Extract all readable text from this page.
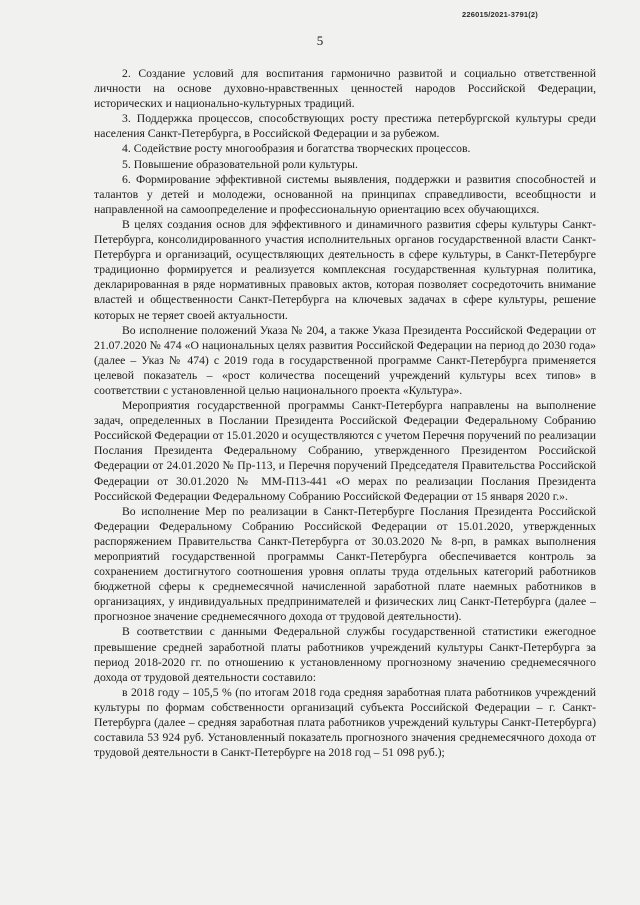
226015/2021-3791(2)
5

2. Создание условий для воспитания гармонично развитой и социально ответственной личности на основе духовно-нравственных ценностей народов Российской Федерации, исторических и национально-культурных традиций.

3. Поддержка процессов, способствующих росту престижа петербургской культуры среди населения Санкт-Петербурга, в Российской Федерации и за рубежом.

4. Содействие росту многообразия и богатства творческих процессов.

5. Повышение образовательной роли культуры.

6. Формирование эффективной системы выявления, поддержки и развития способностей и талантов у детей и молодежи, основанной на принципах справедливости, всеобщности и направленной на самоопределение и профессиональную ориентацию всех обучающихся.

В целях создания основ для эффективного и динамичного развития сферы культуры Санкт-Петербурга, консолидированного участия исполнительных органов государственной власти Санкт-Петербурга и организаций, осуществляющих деятельность в сфере культуры, в Санкт-Петербурге традиционно формируется и реализуется комплексная государственная культурная политика, декларированная в ряде нормативных правовых актов, которая позволяет сосредоточить внимание властей и общественности Санкт-Петербурга на ключевых задачах в сфере культуры, решение которых не теряет своей актуальности.

Во исполнение положений Указа № 204, а также Указа Президента Российской Федерации от 21.07.2020 № 474 «О национальных целях развития Российской Федерации на период до 2030 года» (далее – Указ № 474) с 2019 года в государственной программе Санкт-Петербурга применяется целевой показатель – «рост количества посещений учреждений культуры всех типов» в соответствии с установленной целью национального проекта «Культура».

Мероприятия государственной программы Санкт-Петербурга направлены на выполнение задач, определенных в Послании Президента Российской Федерации Федеральному Собранию Российской Федерации от 15.01.2020 и осуществляются с учетом Перечня поручений по реализации Послания Президента Федеральному Собранию, утвержденного Президентом Российской Федерации от 24.01.2020 № Пр-113, и Перечня поручений Председателя Правительства Российской Федерации от 30.01.2020 № ММ-П13-441 «О мерах по реализации Послания Президента Российской Федерации Федеральному Собранию Российской Федерации от 15 января 2020 г.».

Во исполнение Мер по реализации в Санкт-Петербурге Послания Президента Российской Федерации Федеральному Собранию Российской Федерации от 15.01.2020, утвержденных распоряжением Правительства Санкт-Петербурга от 30.03.2020 № 8-рп, в рамках выполнения мероприятий государственной программы Санкт-Петербурга обеспечивается контроль за сохранением достигнутого соотношения уровня оплаты труда отдельных категорий работников бюджетной сферы к среднемесячной начисленной заработной плате наемных работников в организациях, у индивидуальных предпринимателей и физических лиц Санкт-Петербурга (далее – прогнозное значение среднемесячного дохода от трудовой деятельности).

В соответствии с данными Федеральной службы государственной статистики ежегодное превышение средней заработной платы работников учреждений культуры Санкт-Петербурга за период 2018-2020 гг. по отношению к установленному прогнозному значению среднемесячного дохода от трудовой деятельности составило:

в 2018 году – 105,5 % (по итогам 2018 года средняя заработная плата работников учреждений культуры по формам собственности организаций субъекта Российской Федерации – г. Санкт-Петербурга (далее – средняя заработная плата работников учреждений культуры Санкт-Петербурга) составила 53 924 руб. Установленный показатель прогнозного значения среднемесячного дохода от трудовой деятельности в Санкт-Петербурге на 2018 год – 51 098 руб.);
